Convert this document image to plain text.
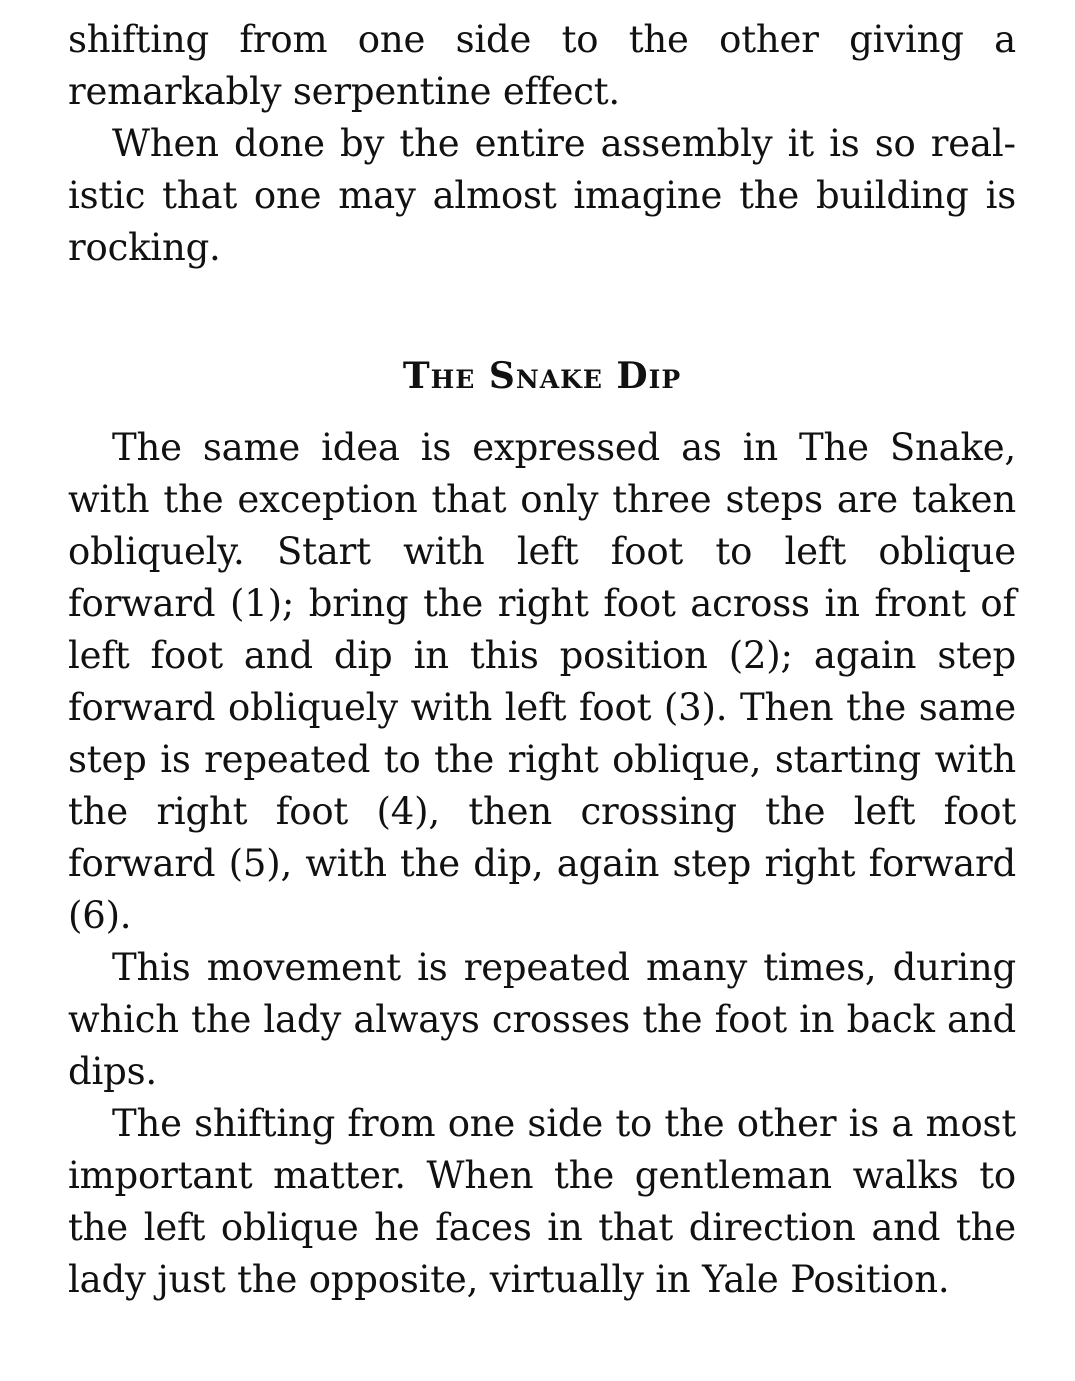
shifting from one side to the other giving a remarkably serpentine effect.

When done by the entire assembly it is so realistic that one may almost imagine the building is rocking.

The Snake Dip

The same idea is expressed as in The Snake, with the exception that only three steps are taken obliquely. Start with left foot to left oblique forward (1); bring the right foot across in front of left foot and dip in this position (2); again step forward obliquely with left foot (3). Then the same step is repeated to the right oblique, starting with the right foot (4), then crossing the left foot forward (5), with the dip, again step right forward (6).

This movement is repeated many times, during which the lady always crosses the foot in back and dips.

The shifting from one side to the other is a most important matter. When the gentleman walks to the left oblique he faces in that direction and the lady just the opposite, virtually in Yale Position.
